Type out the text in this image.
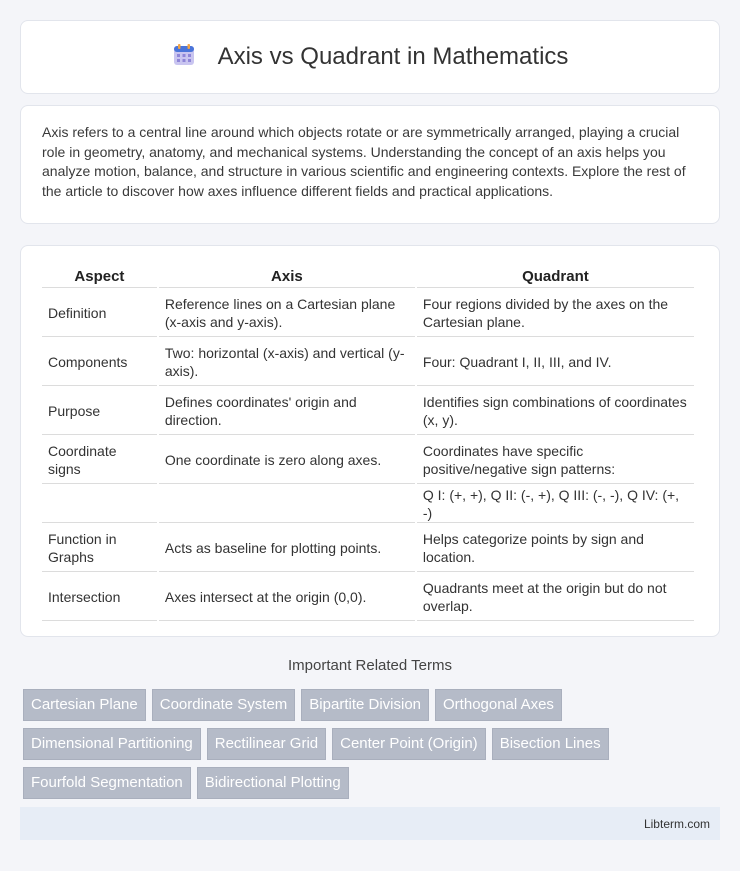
Axis vs Quadrant in Mathematics

Axis refers to a central line around which objects rotate or are symmetrically arranged, playing a crucial role in geometry, anatomy, and mechanical systems. Understanding the concept of an axis helps you analyze motion, balance, and structure in various scientific and engineering contexts. Explore the rest of the article to discover how axes influence different fields and practical applications.

Aspect	Axis	Quadrant
Definition	Reference lines on a Cartesian plane (x-axis and y-axis).	Four regions divided by the axes on the Cartesian plane.
Components	Two: horizontal (x-axis) and vertical (y-axis).	Four: Quadrant I, II, III, and IV.
Purpose	Defines coordinates' origin and direction.	Identifies sign combinations of coordinates (x, y).
Coordinate signs	One coordinate is zero along axes.	Coordinates have specific positive/negative sign patterns:
		Q I: (+, +), Q II: (-, +), Q III: (-, -), Q IV: (+, -)
Function in Graphs	Acts as baseline for plotting points.	Helps categorize points by sign and location.
Intersection	Axes intersect at the origin (0,0).	Quadrants meet at the origin but do not overlap.
Important Related Terms
Cartesian Plane	Coordinate System	Bipartite Division	Orthogonal Axes
Dimensional Partitioning	Rectilinear Grid	Center Point (Origin)	Bisection Lines
Fourfold Segmentation	Bidirectional Plotting
Libterm.com
